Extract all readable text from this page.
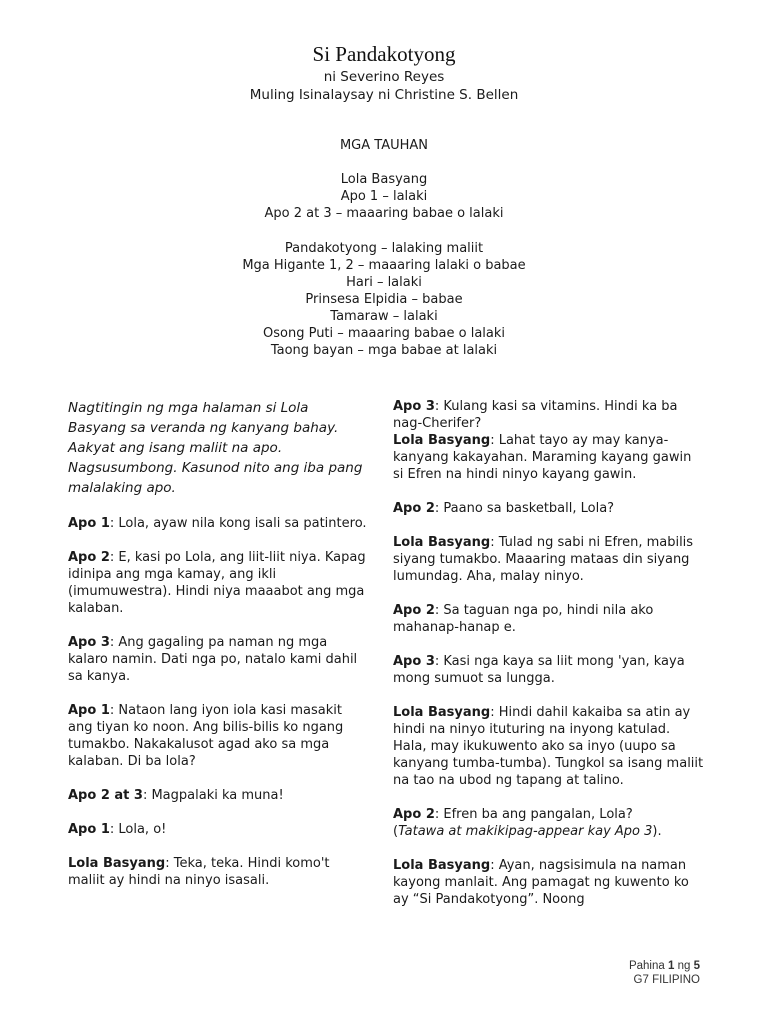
Si Pandakotyong
ni Severino Reyes
Muling Isinalaysay ni Christine S. Bellen
MGA TAUHAN
Lola Basyang
Apo 1 – lalaki
Apo 2 at 3 – maaaring babae o lalaki
Pandakotyong – lalaking maliit
Mga Higante 1, 2 – maaaring lalaki o babae
Hari – lalaki
Prinsesa Elpidia – babae
Tamaraw – lalaki
Osong Puti – maaaring babae o lalaki
Taong bayan – mga babae at lalaki

Nagtitingin ng mga halaman si Lola Basyang sa veranda ng kanyang bahay. Aakyat ang isang maliit na apo. Nagsusumbong. Kasunod nito ang iba pang malalaking apo.

Apo 1: Lola, ayaw nila kong isali sa patintero.

Apo 2: E, kasi po Lola, ang liit-liit niya. Kapag idinipa ang mga kamay, ang ikli (imumuwestra). Hindi niya maaabot ang mga kalaban.

Apo 3: Ang gagaling pa naman ng mga kalaro namin. Dati nga po, natalo kami dahil sa kanya.

Apo 1: Nataon lang iyon iola kasi masakit ang tiyan ko noon. Ang bilis-bilis ko ngang tumakbo. Nakakalusot agad ako sa mga kalaban. Di ba lola?

Apo 2 at 3: Magpalaki ka muna!

Apo 1: Lola, o!

Lola Basyang: Teka, teka. Hindi komo't maliit ay hindi na ninyo isasali.

Apo 3: Kulang kasi sa vitamins. Hindi ka ba nag-Cherifer?

Lola Basyang: Lahat tayo ay may kanya-kanyang kakayahan. Maraming kayang gawin si Efren na hindi ninyo kayang gawin.

Apo 2: Paano sa basketball, Lola?

Lola Basyang: Tulad ng sabi ni Efren, mabilis siyang tumakbo. Maaaring mataas din siyang lumundag. Aha, malay ninyo.

Apo 2: Sa taguan nga po, hindi nila ako mahanap-hanap e.

Apo 3: Kasi nga kaya sa liit mong 'yan, kaya mong sumuot sa lungga.

Lola Basyang: Hindi dahil kakaiba sa atin ay hindi na ninyo ituturing na inyong katulad. Hala, may ikukuwento ako sa inyo (uupo sa kanyang tumba-tumba). Tungkol sa isang maliit na tao na ubod ng tapang at talino.

Apo 2: Efren ba ang pangalan, Lola?
(Tatawa at makikipag-appear kay Apo 3).

Lola Basyang: Ayan, nagsisimula na naman kayong manlait. Ang pamagat ng kuwento ko ay “Si Pandakotyong”. Noong

Pahina 1 ng 5
G7 FILIPINO
